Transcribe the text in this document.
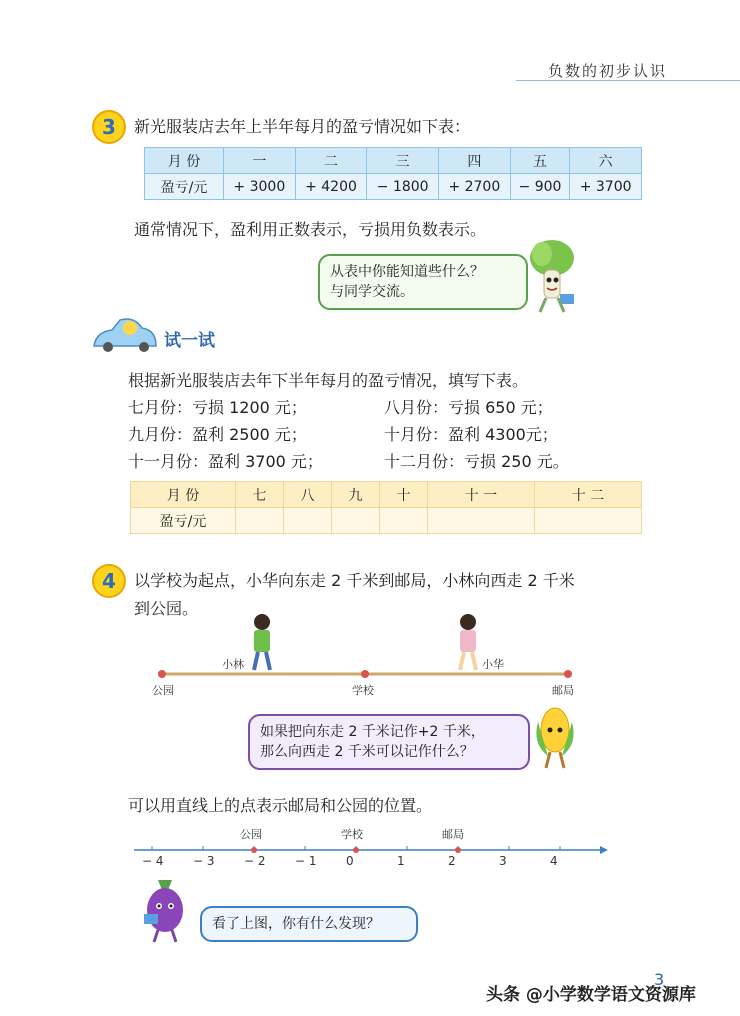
负数的初步认识
3	新光服装店去年上半年每月的盈亏情况如下表：
月 份	一	二	三	四	五	六
盈亏/元	+ 3000	+ 4200	− 1800	+ 2700	− 900	+ 3700
通常情况下，盈利用正数表示，亏损用负数表示。
从表中你能知道些什么？
与同学交流。
试一试
根据新光服装店去年下半年每月的盈亏情况，填写下表。
七月份：亏损 1200 元；	八月份：亏损 650 元；
九月份：盈利 2500 元；	十月份：盈利 4300元；
十一月份：盈利 3700 元；	十二月份：亏损 250 元。
月 份	七	八	九	十	十 一	十 二
盈亏/元						
4	以学校为起点，小华向东走 2 千米到邮局，小林向西走 2 千米
到公园。
小林	小华
公园	学校	邮局
如果把向东走 2 千米记作+2 千米，
那么向西走 2 千米可以记作什么？
可以用直线上的点表示邮局和公园的位置。
− 4 − 3 − 2 − 1 0	1	2	3	4
公园	学校	邮局
看了上图，你有什么发现？
头条 @小学数学语文资源库
3
